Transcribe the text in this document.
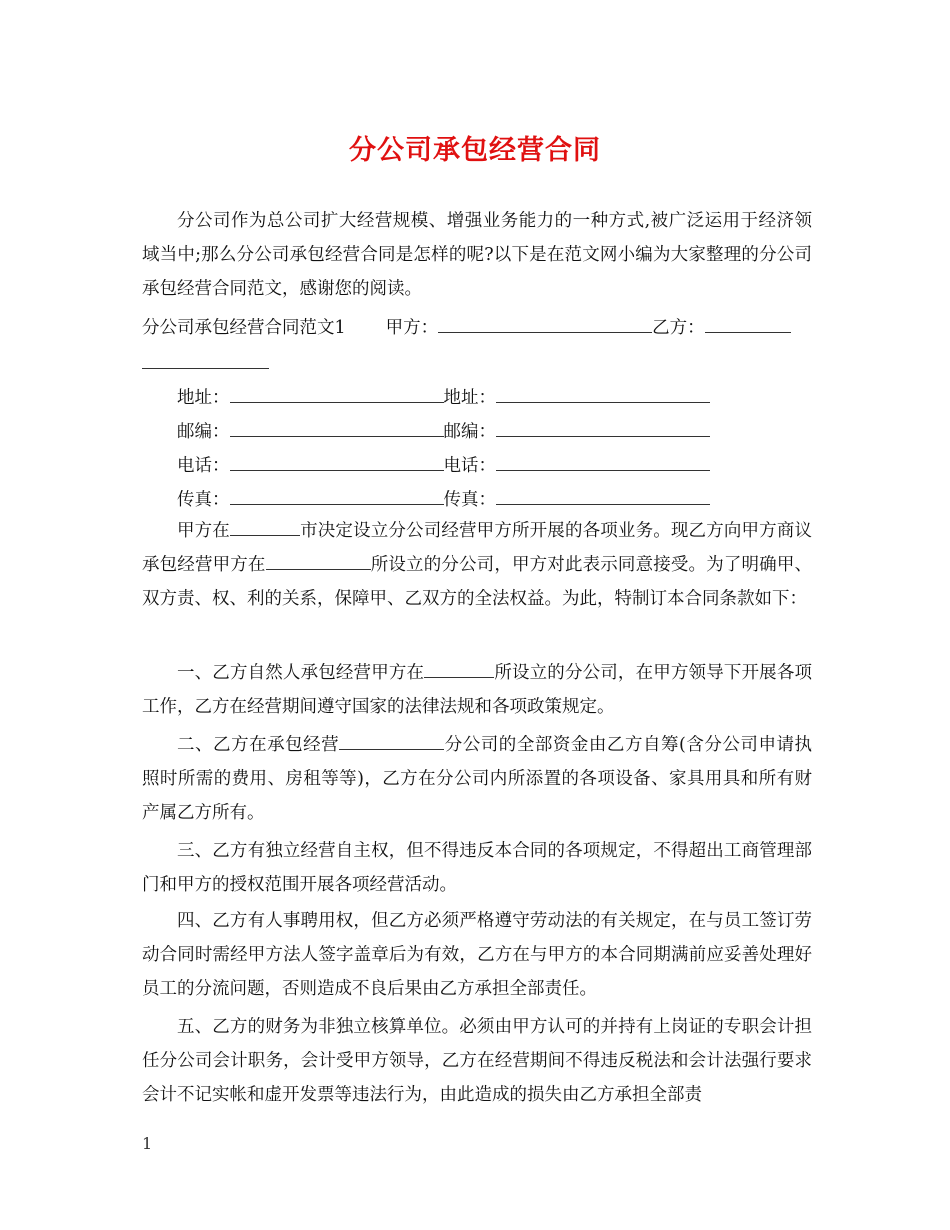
分公司承包经营合同

分公司作为总公司扩大经营规模、增强业务能力的一种方式,被广泛运用于经济领域当中;那么分公司承包经营合同是怎样的呢?以下是在范文网小编为大家整理的分公司承包经营合同范文，感谢您的阅读。

分公司承包经营合同范文1 甲方：	乙方：
地址：	地址：
邮编：	邮编：
电话：	电话：
传真：	传真：

甲方在	市决定设立分公司经营甲方所开展的各项业务。现乙方向甲方商议承包经营甲方在	所设立的分公司，甲方对此表示同意接受。为了明确甲、双方责、权、利的关系，保障甲、乙双方的全法权益。为此，特制订本合同条款如下：

一、乙方自然人承包经营甲方在	所设立的分公司，在甲方领导下开展各项工作，乙方在经营期间遵守国家的法律法规和各项政策规定。

二、乙方在承包经营	分公司的全部资金由乙方自筹(含分公司申请执照时所需的费用、房租等等)，乙方在分公司内所添置的各项设备、家具用具和所有财产属乙方所有。

三、乙方有独立经营自主权，但不得违反本合同的各项规定，不得超出工商管理部门和甲方的授权范围开展各项经营活动。

四、乙方有人事聘用权，但乙方必须严格遵守劳动法的有关规定，在与员工签订劳动合同时需经甲方法人签字盖章后为有效，乙方在与甲方的本合同期满前应妥善处理好员工的分流问题，否则造成不良后果由乙方承担全部责任。

五、乙方的财务为非独立核算单位。必须由甲方认可的并持有上岗证的专职会计担任分公司会计职务，会计受甲方领导，乙方在经营期间不得违反税法和会计法强行要求会计不记实帐和虚开发票等违法行为，由此造成的损失由乙方承担全部责

1
